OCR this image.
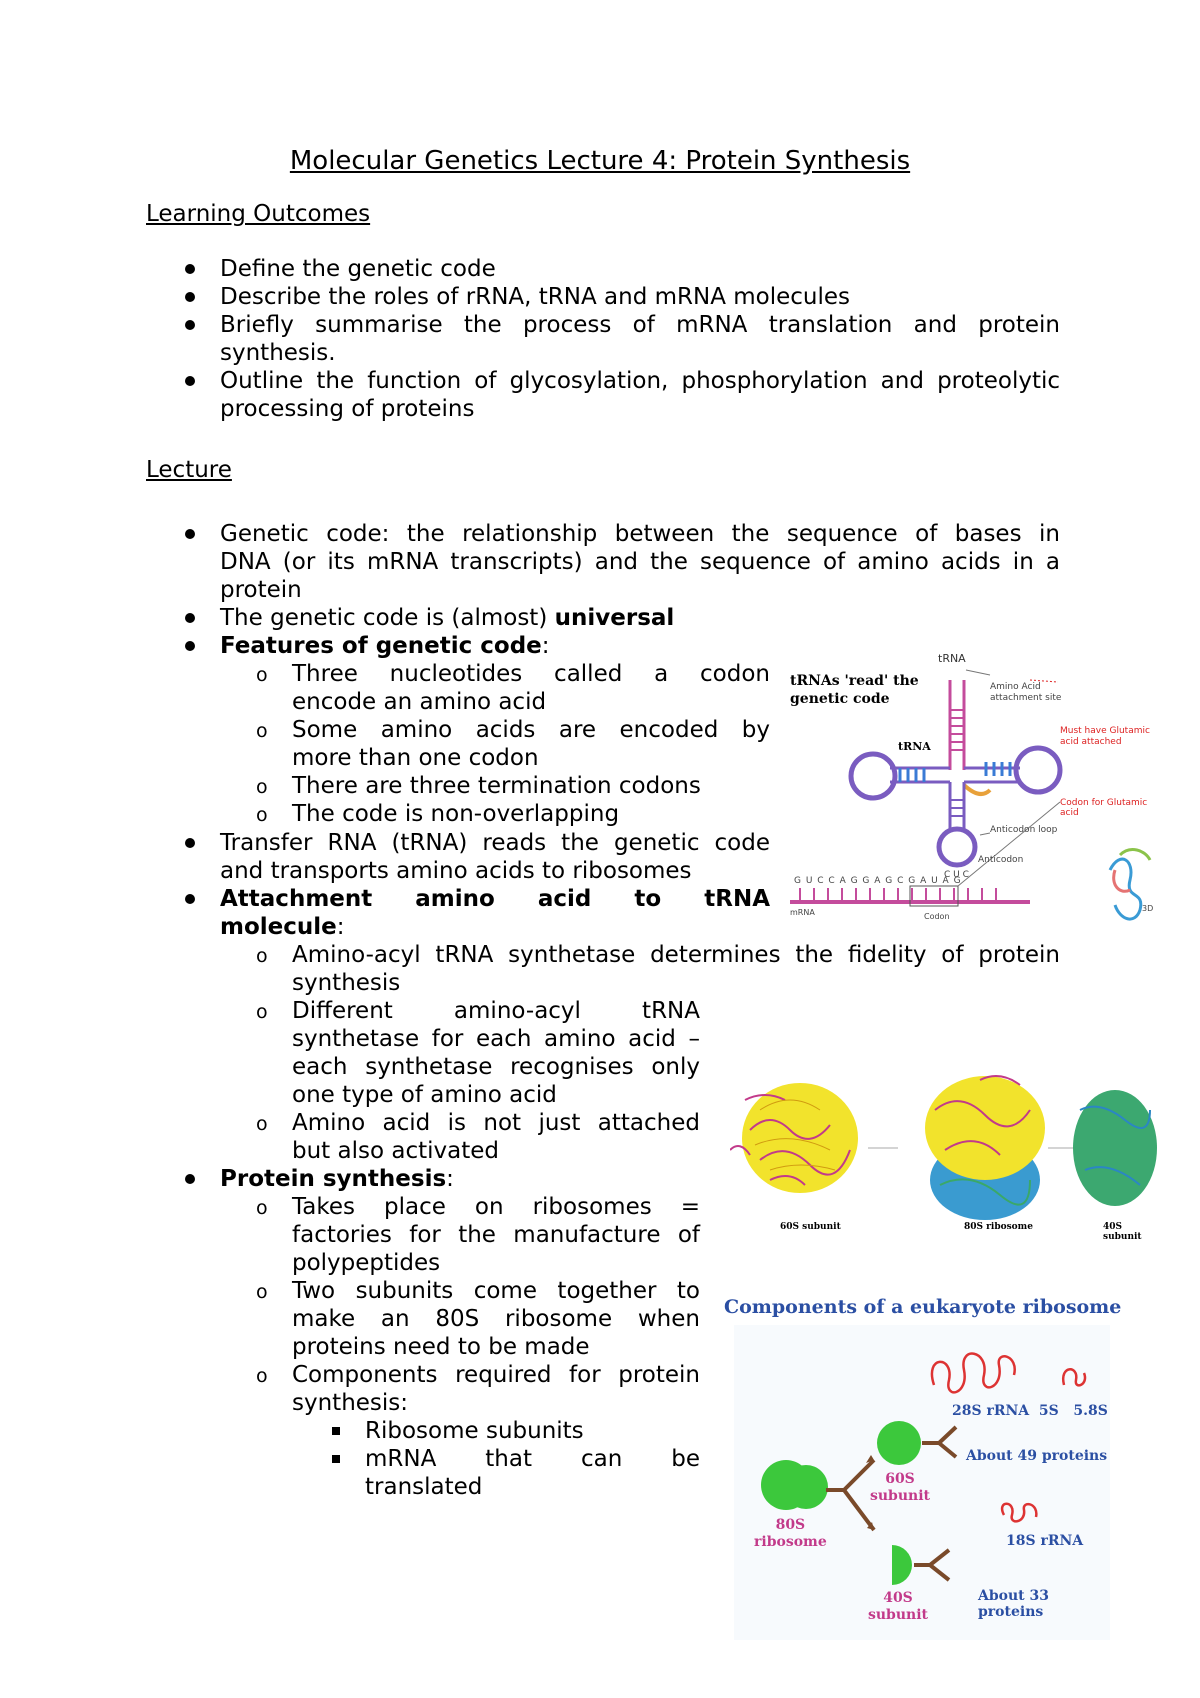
Molecular Genetics Lecture 4: Protein Synthesis
Learning Outcomes
Define the genetic code
Describe the roles of rRNA, tRNA and mRNA molecules
Briefly summarise the process of mRNA translation and protein synthesis.
Outline the function of glycosylation, phosphorylation and proteolytic processing of proteins
Lecture
Genetic code: the relationship between the sequence of bases in
DNA (or its mRNA transcripts) and the sequence of amino acids in a
protein
The genetic code is (almost) universal
Features of genetic code:
o Three nucleotides called a codon
encode an amino acid
o Some amino acids are encoded by
more than one codon
o There are three termination codons
o The code is non-overlapping
Transfer RNA (tRNA) reads the genetic code
and transports amino acids to ribosomes
Attachment amino acid to tRNA
molecule:
o Amino-acyl tRNA synthetase determines the fidelity of protein
synthesis
o Different amino-acyl tRNA
synthetase for each amino acid –
each synthetase recognises only
one type of amino acid
o Amino acid is not just attached
but also activated
Protein synthesis:
o Takes place on ribosomes =
factories for the manufacture of
polypeptides
o Two subunits come together to
make an 80S ribosome when
proteins need to be made
o Components required for protein
synthesis:
Ribosome subunits
mRNA that can be
translated
tRNA
tRNAs 'read' the
genetic code
tRNA
Amino Acid
attachment site
Must have Glutamic
acid attached
Codon for Glutamic acid
Anticodon loop
Anticodon
C U C
G U C C A G G A G C G A U A G
mRNA	Codon
3D
60S subunit	80S ribosome	40S subunit
Components of a eukaryote ribosome
28S rRNA  5S   5.8S
About 49 proteins
60S
subunit
80S
ribosome	18S rRNA
40S
subunit
About 33 proteins
